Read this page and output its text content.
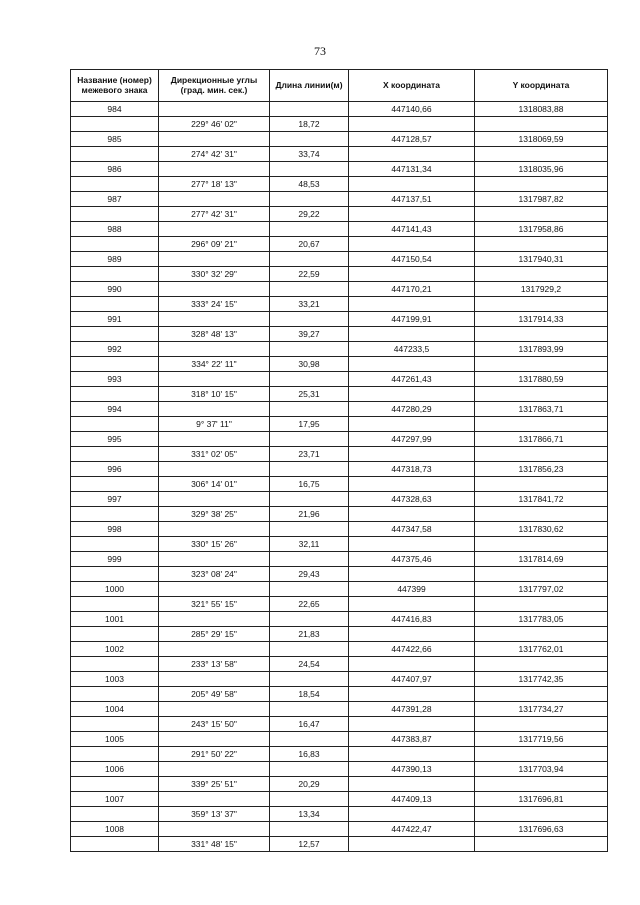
73
Название (номер) межевого знака	Дирекционные углы (град. мин. сек.)	Длина линии(м)	X координата	Y координата
984			447140,66	1318083,88
	229° 46' 02"	18,72		
985			447128,57	1318069,59
	274° 42' 31"	33,74		
986			447131,34	1318035,96
	277° 18' 13"	48,53		
987			447137,51	1317987,82
	277° 42' 31"	29,22		
988			447141,43	1317958,86
	296° 09' 21"	20,67		
989			447150,54	1317940,31
	330° 32' 29"	22,59		
990			447170,21	1317929,2
	333° 24' 15"	33,21		
991			447199,91	1317914,33
	328° 48' 13"	39,27		
992			447233,5	1317893,99
	334° 22' 11"	30,98		
993			447261,43	1317880,59
	318° 10' 15"	25,31		
994			447280,29	1317863,71
	9° 37' 11"	17,95		
995			447297,99	1317866,71
	331° 02' 05"	23,71		
996			447318,73	1317856,23
	306° 14' 01"	16,75		
997			447328,63	1317841,72
	329° 38' 25"	21,96		
998			447347,58	1317830,62
	330° 15' 26"	32,11		
999			447375,46	1317814,69
	323° 08' 24"	29,43		
1000			447399	1317797,02
	321° 55' 15"	22,65		
1001			447416,83	1317783,05
	285° 29' 15"	21,83		
1002			447422,66	1317762,01
	233° 13' 58"	24,54		
1003			447407,97	1317742,35
	205° 49' 58"	18,54		
1004			447391,28	1317734,27
	243° 15' 50"	16,47		
1005			447383,87	1317719,56
	291° 50' 22"	16,83		
1006			447390,13	1317703,94
	339° 25' 51"	20,29		
1007			447409,13	1317696,81
	359° 13' 37"	13,34		
1008			447422,47	1317696,63
	331° 48' 15"	12,57		
